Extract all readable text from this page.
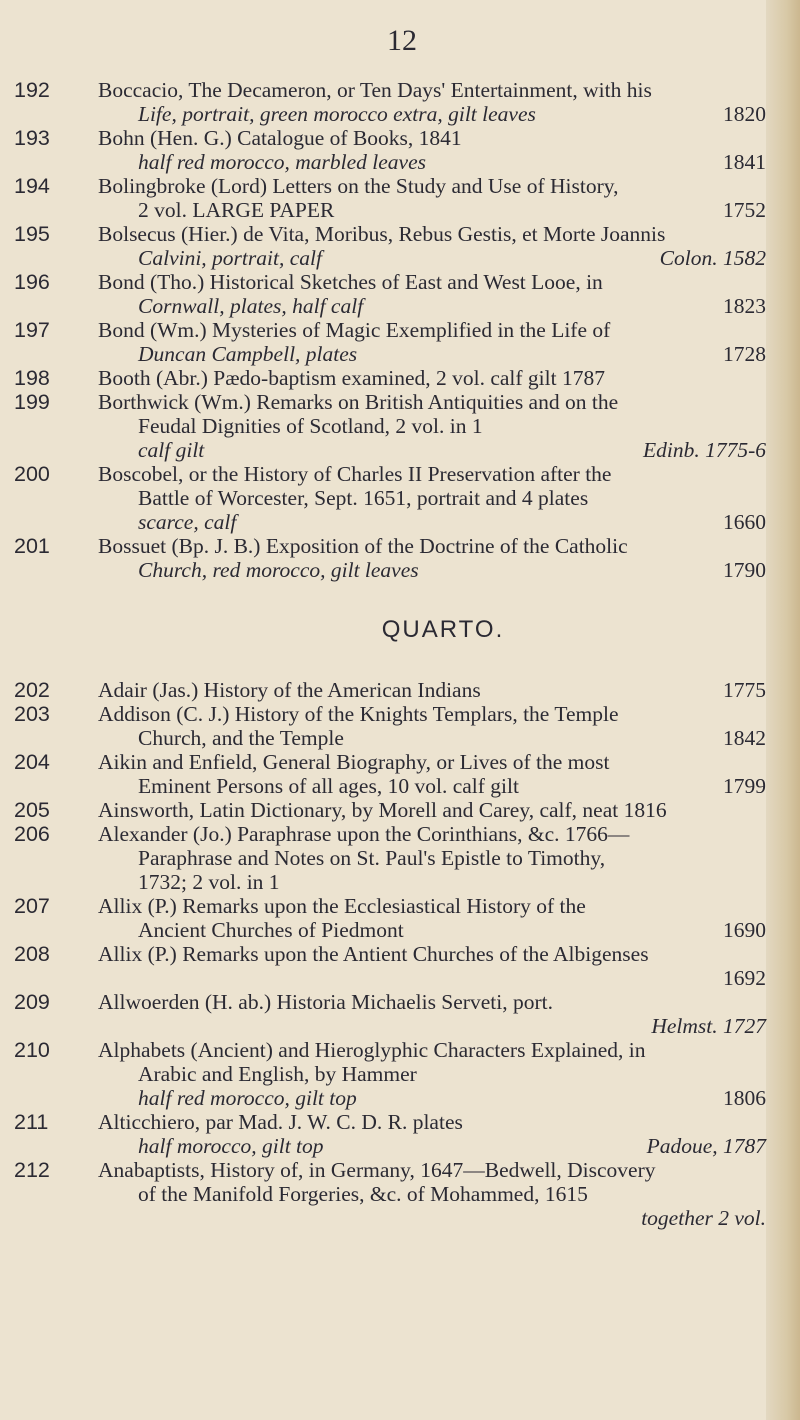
12
192	Boccacio, The Decameron, or Ten Days' Entertainment, with his
Life, portrait, green morocco extra, gilt leaves	1820
193	Bohn (Hen. G.) Catalogue of Books, 1841
half red morocco, marbled leaves	1841
194	Bolingbroke (Lord) Letters on the Study and Use of History,
2 vol. LARGE PAPER	1752
195	Bolsecus (Hier.) de Vita, Moribus, Rebus Gestis, et Morte Joannis
Calvini, portrait, calf	Colon. 1582
196	Bond (Tho.) Historical Sketches of East and West Looe, in
Cornwall, plates, half calf	1823
197	Bond (Wm.) Mysteries of Magic Exemplified in the Life of
Duncan Campbell, plates	1728
198	Booth (Abr.) Pædo-baptism examined, 2 vol. calf gilt 1787
199	Borthwick (Wm.) Remarks on British Antiquities and on the
Feudal Dignities of Scotland, 2 vol. in 1
calf gilt	Edinb. 1775-6
200	Boscobel, or the History of Charles II Preservation after the
Battle of Worcester, Sept. 1651, portrait and 4 plates
scarce, calf	1660
201	Bossuet (Bp. J. B.) Exposition of the Doctrine of the Catholic
Church, red morocco, gilt leaves	1790
QUARTO.
202	Adair (Jas.) History of the American Indians	1775
203	Addison (C. J.) History of the Knights Templars, the Temple
Church, and the Temple	1842
204	Aikin and Enfield, General Biography, or Lives of the most
Eminent Persons of all ages, 10 vol. calf gilt	1799
205	Ainsworth, Latin Dictionary, by Morell and Carey, calf, neat 1816
206	Alexander (Jo.) Paraphrase upon the Corinthians, &c. 1766—
Paraphrase and Notes on St. Paul's Epistle to Timothy,
1732; 2 vol. in 1
207	Allix (P.) Remarks upon the Ecclesiastical History of the
Ancient Churches of Piedmont	1690
208	Allix (P.) Remarks upon the Antient Churches of the Albigenses
1692
209	Allwoerden (H. ab.) Historia Michaelis Serveti, port.
Helmst. 1727
210	Alphabets (Ancient) and Hieroglyphic Characters Explained, in
Arabic and English, by Hammer
half red morocco, gilt top	1806
211	Alticchiero, par Mad. J. W. C. D. R. plates
half morocco, gilt top	Padoue, 1787
212	Anabaptists, History of, in Germany, 1647—Bedwell, Discovery
of the Manifold Forgeries, &c. of Mohammed, 1615
together 2 vol.
